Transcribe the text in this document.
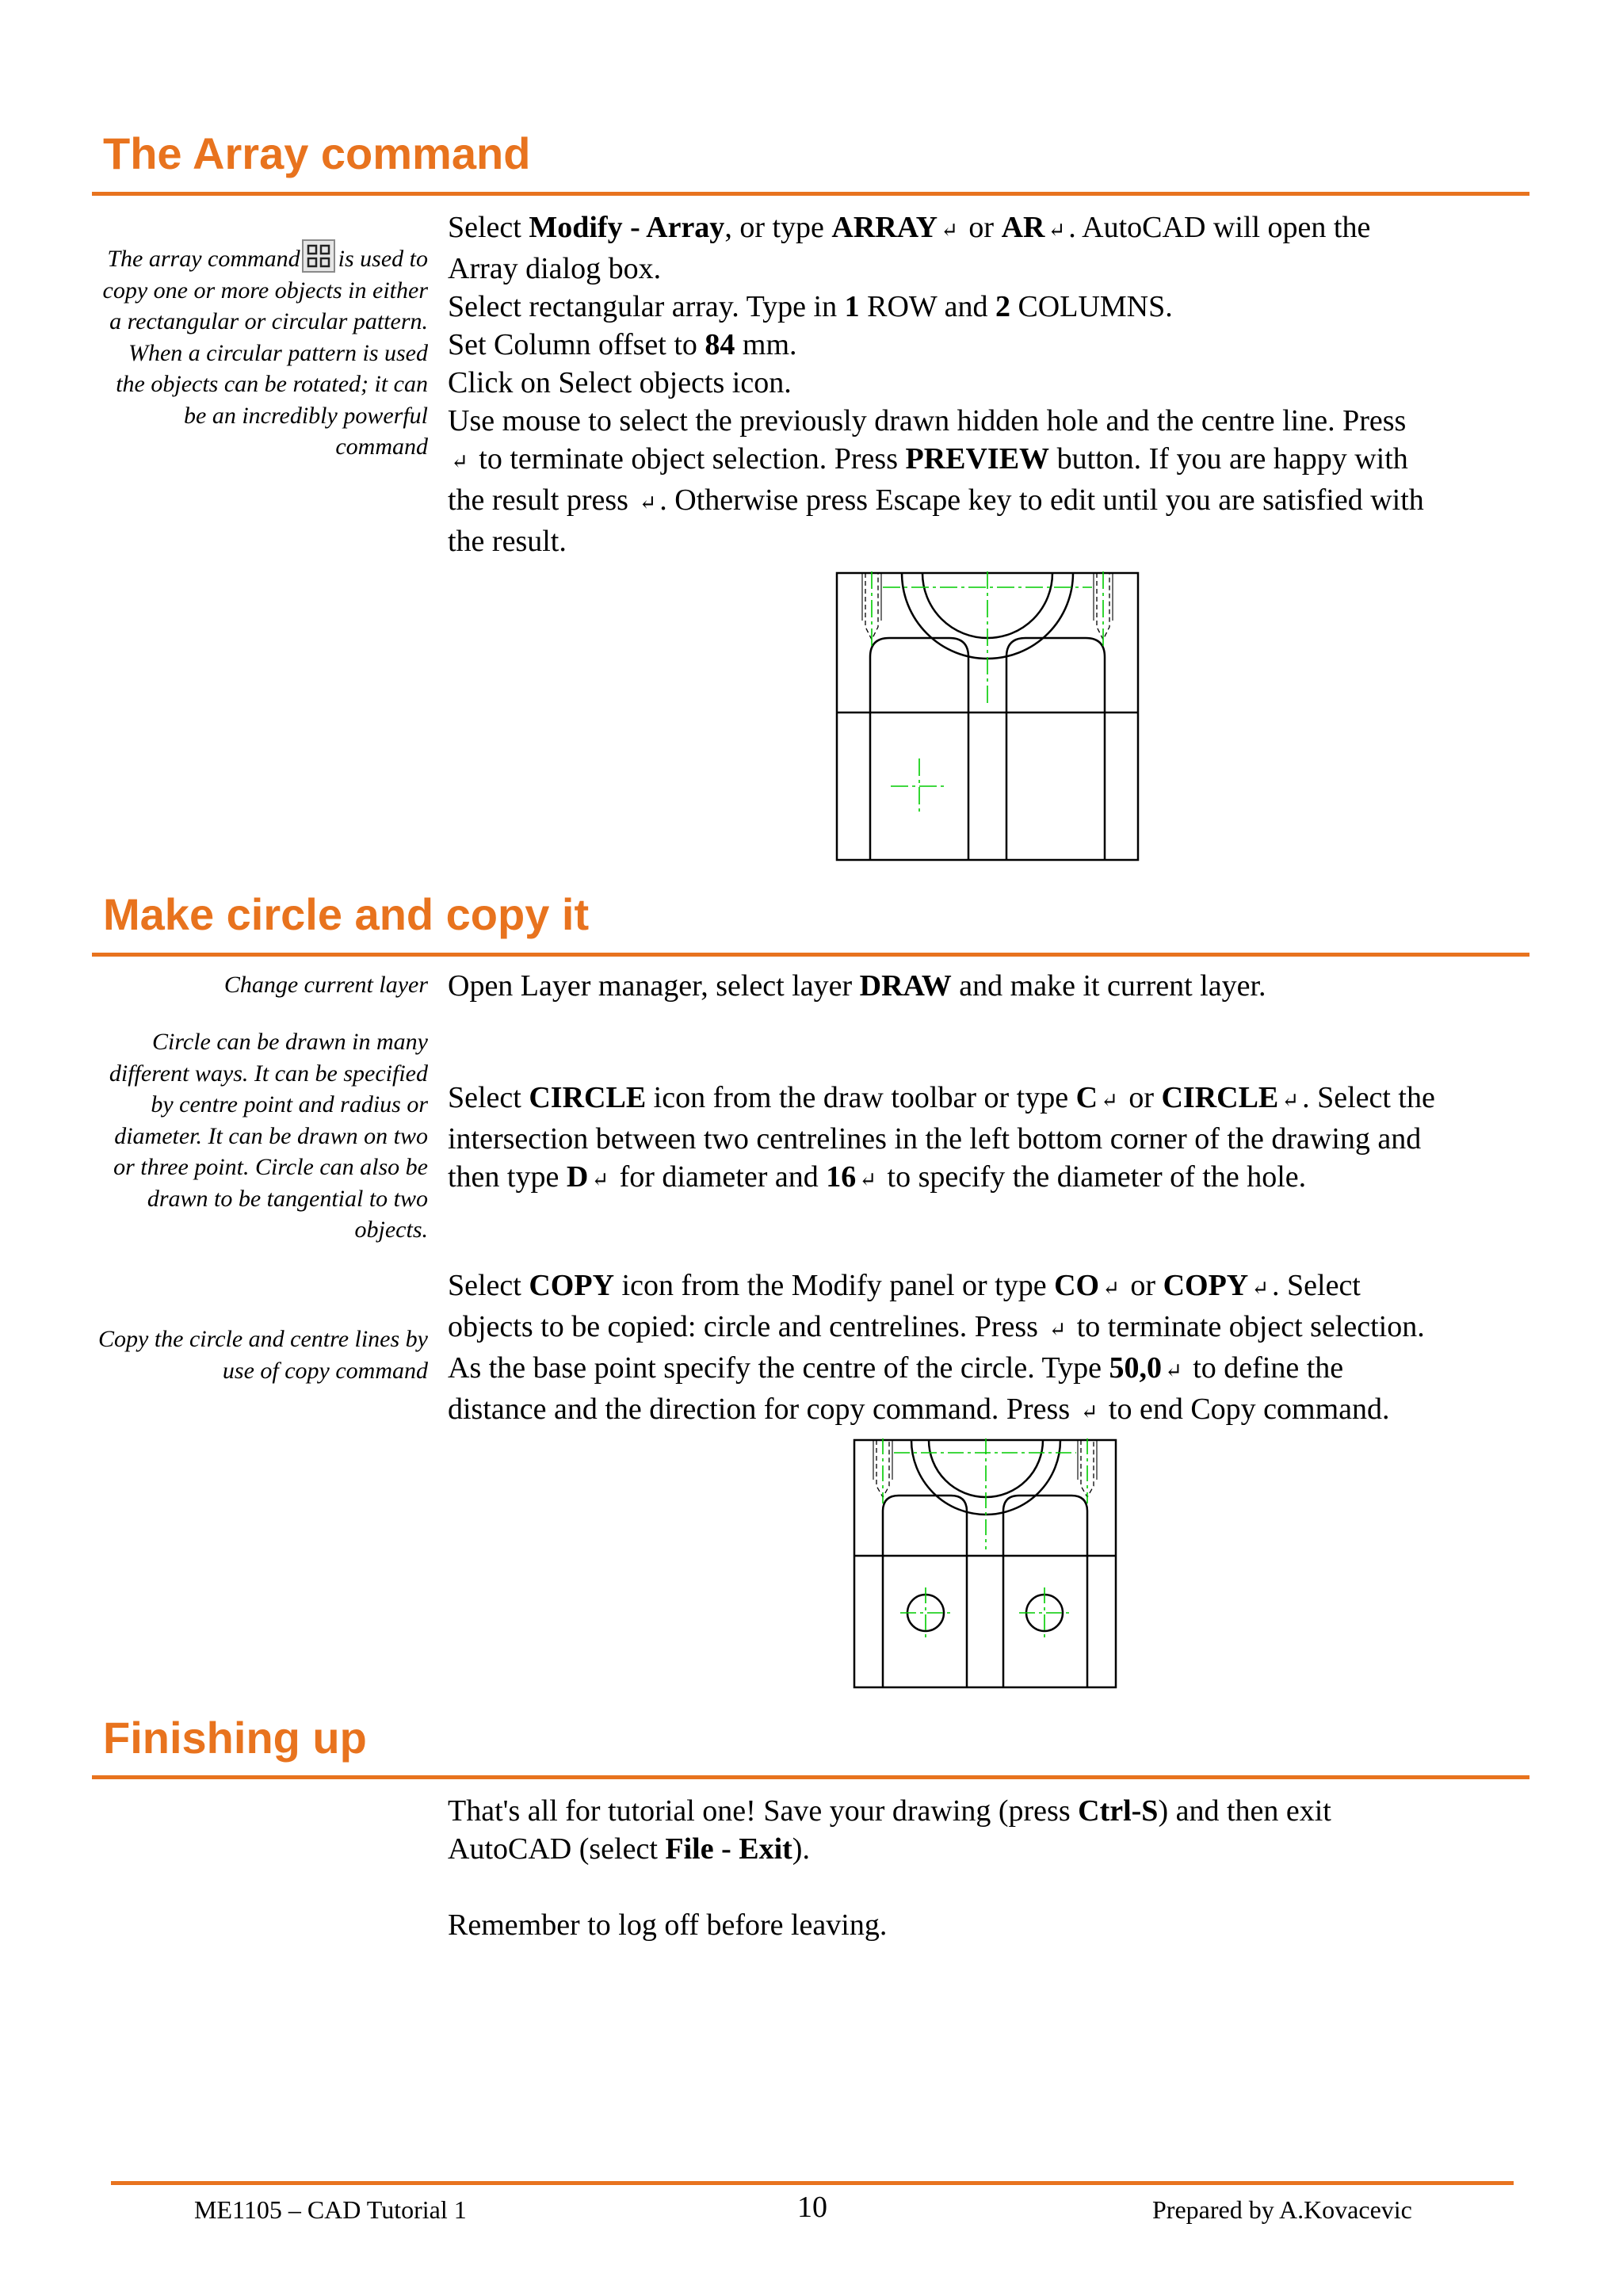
The Array command
The array command is used to copy one or more objects in either a rectangular or circular pattern. When a circular pattern is used the objects can be rotated; it can be an incredibly powerful command

Select Modify - Array, or type ARRAY ↵ or AR ↵ . AutoCAD will open the

Array dialog box.

Select rectangular array. Type in 1 ROW and 2 COLUMNS.

Set Column offset to 84 mm.

Click on Select objects icon.

Use mouse to select the previously drawn hidden hole and the centre line. Press

↵ to terminate object selection. Press PREVIEW button. If you are happy with

the result press ↵ . Otherwise press Escape key to edit until you are satisfied with

the result.

Make circle and copy it
Change current layer Open Layer manager, select layer DRAW and make it current layer.

Circle can be drawn in many different ways. It can be specified by centre point and radius or diameter. It can be drawn on two or three point. Circle can also be drawn to be tangential to two objects.

Select CIRCLE icon from the draw toolbar or type C ↵ or CIRCLE ↵ . Select the

intersection between two centrelines in the left bottom corner of the drawing and

then type D ↵ for diameter and 16 ↵ to specify the diameter of the hole.

Copy the circle and centre lines by use of copy command

Select COPY icon from the Modify panel or type CO ↵ or COPY ↵ . Select

objects to be copied: circle and centrelines. Press ↵ to terminate object selection.

As the base point specify the centre of the circle. Type 50,0 ↵ to define the

distance and the direction for copy command. Press ↵ to end Copy command.

Finishing up

That's all for tutorial one! Save your drawing (press Ctrl-S) and then exit

AutoCAD (select File - Exit).

Remember to log off before leaving.

ME1105 – CAD Tutorial 1	10	Prepared by A.Kovacevic
